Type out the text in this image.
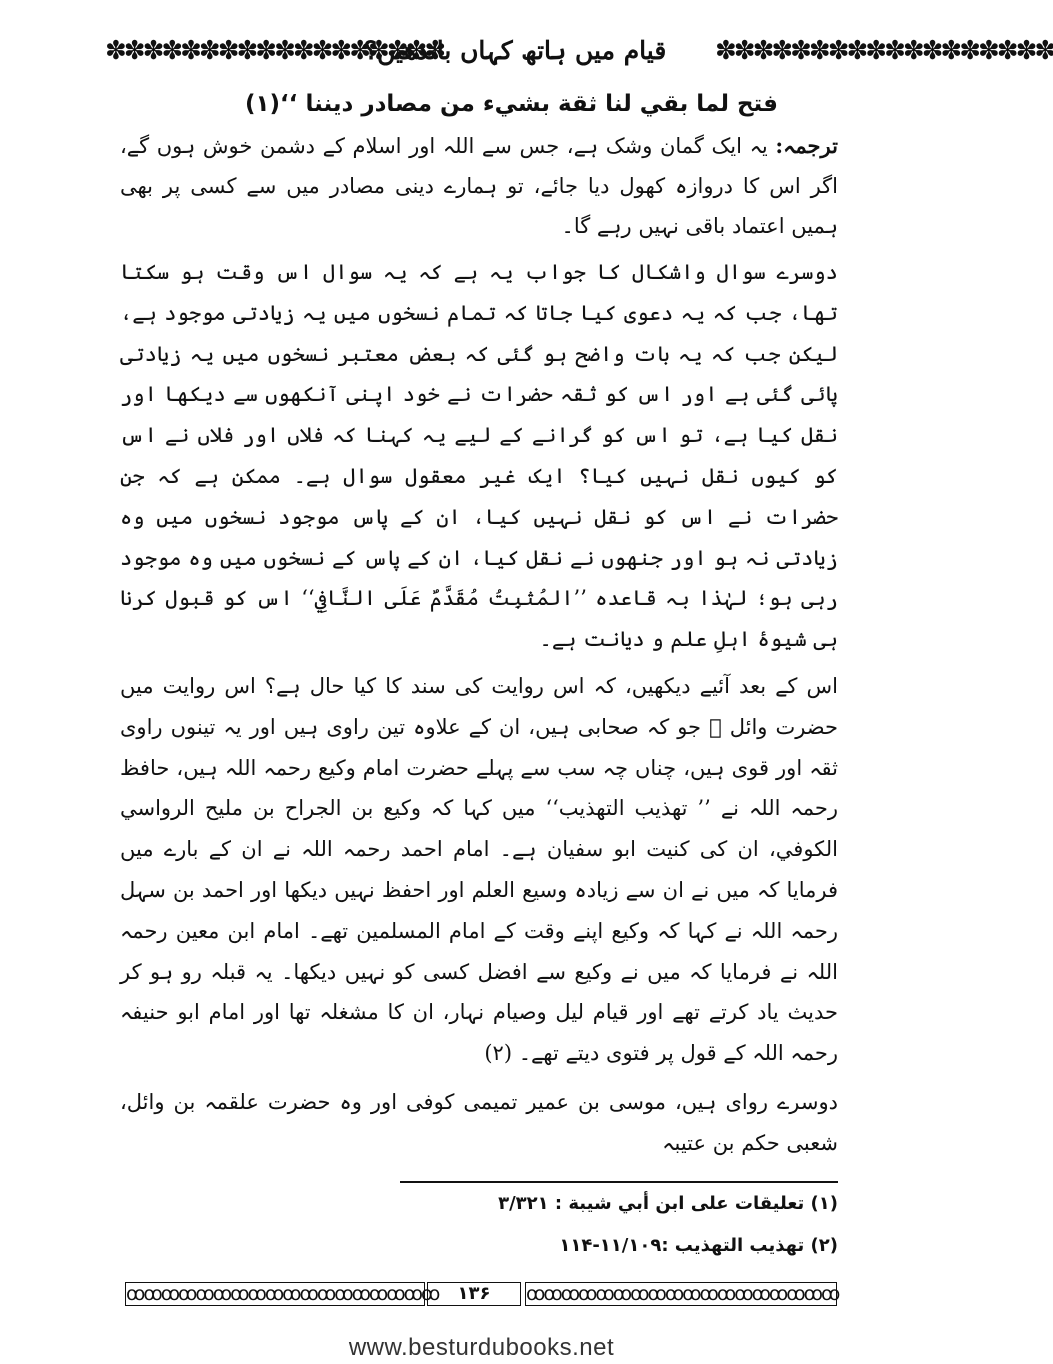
✽✽✽✽✽✽✽✽✽✽✽✽✽✽✽✽✽✽
قیام میں ہاتھ کہاں باندھیں؟	✽✽✽✽✽✽✽✽✽✽✽✽✽✽✽✽✽✽
فتح لما بقي لنا ثقة بشيء من مصادر ديننا ‘‘(۱)
ترجمہ: یہ ایک گمان وشک ہے، جس سے اللہ اور اسلام کے دشمن خوش ہوں گے، اگر اس کا دروازہ کھول دیا جائے، تو ہمارے دینی مصادر میں سے کسی پر بھی ہمیں اعتماد باقی نہیں رہے گا۔
دوسرے سوال واشکال کا جواب یہ ہے کہ یہ سوال اس وقت ہو سکتا تھا، جب کہ یہ دعوی کیا جاتا کہ تمام نسخوں میں یہ زیادتی موجود ہے، لیکن جب کہ یہ بات واضح ہو گئی کہ بعض معتبر نسخوں میں یہ زیادتی پائی گئی ہے اور اس کو ثقہ حضرات نے خود اپنی آنکھوں سے دیکھا اور نقل کیا ہے، تو اس کو گرانے کے لیے یہ کہنا کہ فلاں اور فلاں نے اس کو کیوں نقل نہیں کیا؟ ایک غیر معقول سوال ہے۔ ممکن ہے کہ جن حضرات نے اس کو نقل نہیں کیا، ان کے پاس موجود نسخوں میں وہ زیادتی نہ ہو اور جنھوں نے نقل کیا، ان کے پاس کے نسخوں میں وہ موجود رہی ہو؛ لہٰذا بہ قاعدہ ’’المُثبِتُ مُقَدَّمٌ عَلَی النَّافِي‘‘ اس کو قبول کرنا ہی شیوۂ اہلِ علم و دیانت ہے۔
اس کے بعد آئیے دیکھیں، کہ اس روایت کی سند کا کیا حال ہے؟ اس روایت میں حضرت وائل ﷜ جو کہ صحابی ہیں، ان کے علاوہ تین راوی ہیں اور یہ تینوں راوی ثقہ اور قوی ہیں، چناں چہ سب سے پہلے حضرت امام وکیع رحمہ اللہ ہیں، حافظ رحمہ اللہ نے ’’ تهذيب التهذيب‘‘ میں کہا کہ وکیع بن الجراح بن مليح الرواسي الكوفي، ان کی کنیت ابو سفیان ہے۔ امام احمد رحمہ اللہ نے ان کے بارے میں فرمایا کہ میں نے ان سے زیادہ وسیع العلم اور احفظ نہیں دیکھا اور احمد بن سہل رحمہ اللہ نے کہا کہ وکیع اپنے وقت کے امام المسلمین تھے۔ امام ابن معین رحمہ اللہ نے فرمایا کہ میں نے وکیع سے افضل کسی کو نہیں دیکھا۔ یہ قبلہ رو ہو کر حدیث یاد کرتے تھے اور قیام لیل وصیام نہار، ان کا مشغلہ تھا اور امام ابو حنیفہ رحمہ اللہ کے قول پر فتوی دیتے تھے۔ (۲)
دوسرے روای ہیں، موسی بن عمیر تمیمی کوفی اور وہ حضرت علقمہ بن وائل، شعبی حکم بن عتیبہ
(۱) تعليقات على ابن أبي شيبة : ۳/۳۲۱
(۲) تهذيب التهذيب :۱۱/۱۰۹-۱۱۴
ꝏꝏꝏꝏꝏꝏꝏꝏꝏꝏꝏꝏꝏꝏꝏꝏꝏꝏ	۱۳۶	ꝏꝏꝏꝏꝏꝏꝏꝏꝏꝏꝏꝏꝏꝏꝏꝏꝏꝏ
www.besturdubooks.net
